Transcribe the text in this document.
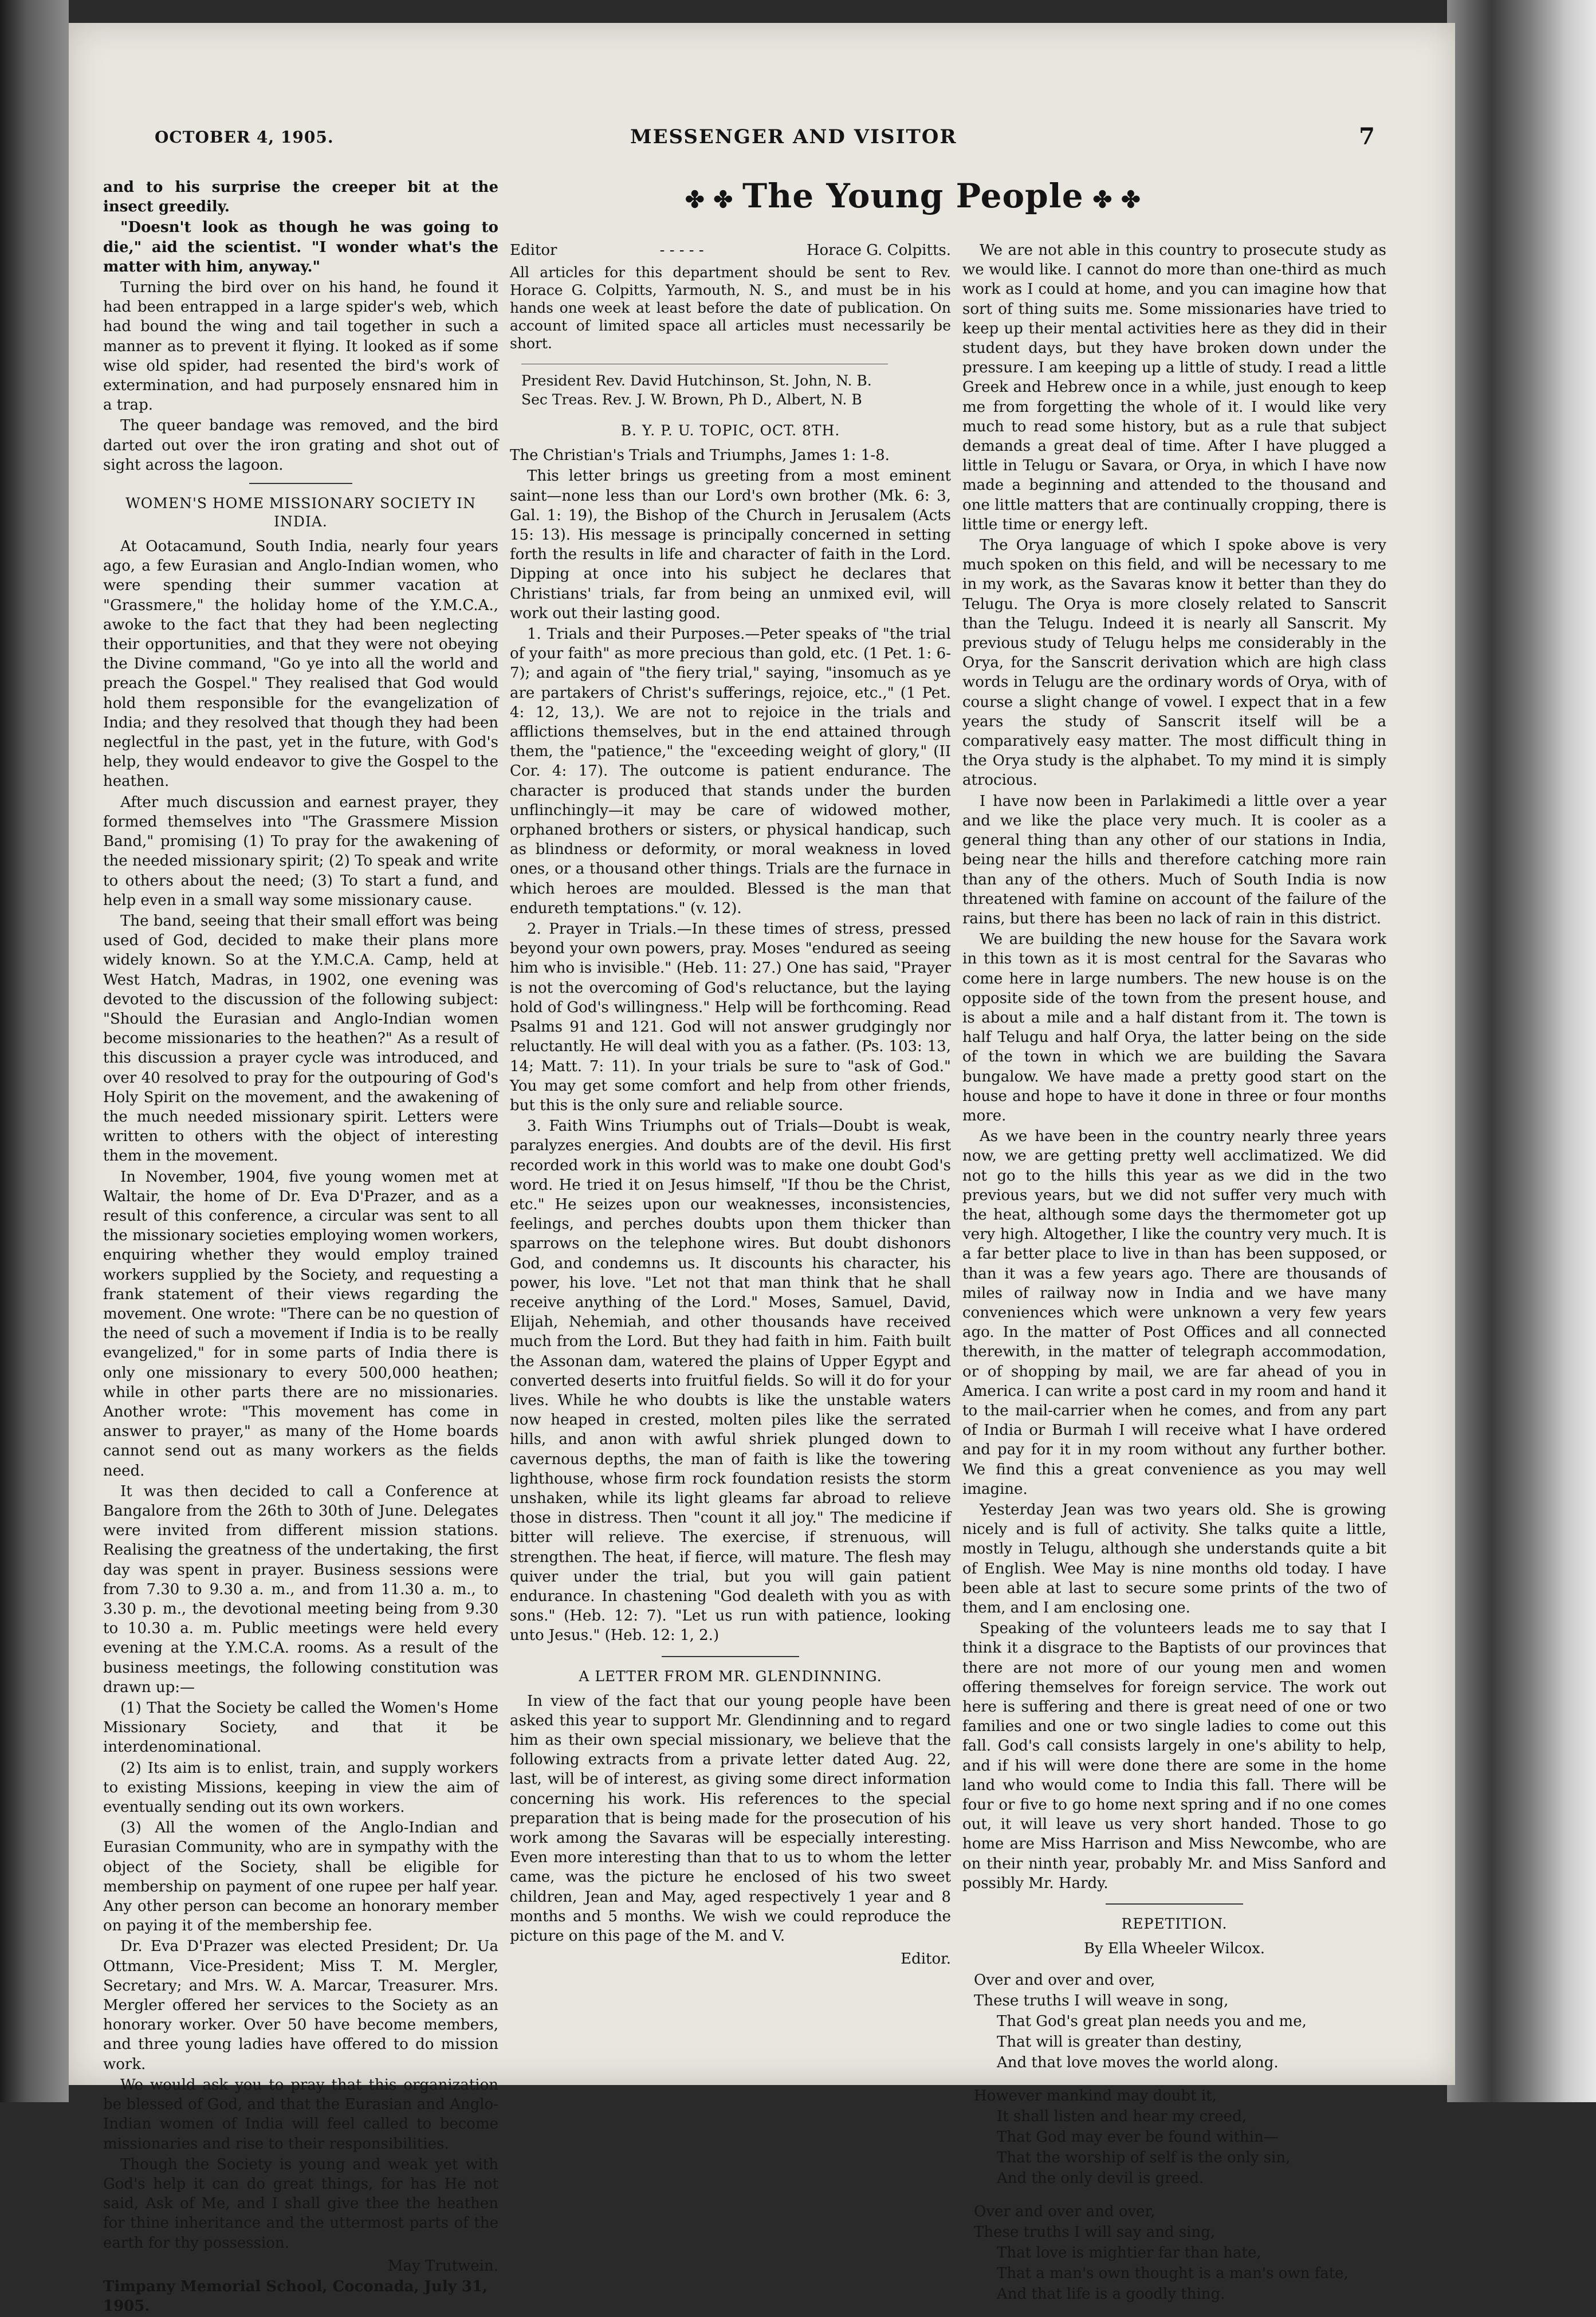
OCTOBER 4, 1905.	MESSENGER AND VISITOR	7
✤ ✤ The Young People ✤ ✤

and to his surprise the creeper bit at the insect greedily.

"Doesn't look as though he was going to die," aid the scientist. "I wonder what's the matter with him, anyway."

Turning the bird over on his hand, he found it had been entrapped in a large spider's web, which had bound the wing and tail together in such a manner as to prevent it flying. It looked as if some wise old spider, had resented the bird's work of extermination, and had purposely ensnared him in a trap.

The queer bandage was removed, and the bird darted out over the iron grating and shot out of sight across the lagoon.

WOMEN'S HOME MISSIONARY SOCIETY IN INDIA.

At Ootacamund, South India, nearly four years ago, a few Eurasian and Anglo-Indian women, who were spending their summer vacation at "Grassmere," the holiday home of the Y.M.C.A., awoke to the fact that they had been neglecting their opportunities, and that they were not obeying the Divine command, "Go ye into all the world and preach the Gospel." They realised that God would hold them responsible for the evangelization of India; and they resolved that though they had been neglectful in the past, yet in the future, with God's help, they would endeavor to give the Gospel to the heathen.

After much discussion and earnest prayer, they formed themselves into "The Grassmere Mission Band," promising (1) To pray for the awakening of the needed missionary spirit; (2) To speak and write to others about the need; (3) To start a fund, and help even in a small way some missionary cause.

The band, seeing that their small effort was being used of God, decided to make their plans more widely known. So at the Y.M.C.A. Camp, held at West Hatch, Madras, in 1902, one evening was devoted to the discussion of the following subject: "Should the Eurasian and Anglo-Indian women become missionaries to the heathen?" As a result of this discussion a prayer cycle was introduced, and over 40 resolved to pray for the outpouring of God's Holy Spirit on the movement, and the awakening of the much needed missionary spirit. Letters were written to others with the object of interesting them in the movement.

In November, 1904, five young women met at Waltair, the home of Dr. Eva D'Prazer, and as a result of this conference, a circular was sent to all the missionary societies employing women workers, enquiring whether they would employ trained workers supplied by the Society, and requesting a frank statement of their views regarding the movement. One wrote: "There can be no question of the need of such a movement if India is to be really evangelized," for in some parts of India there is only one missionary to every 500,000 heathen; while in other parts there are no missionaries. Another wrote: "This movement has come in answer to prayer," as many of the Home boards cannot send out as many workers as the fields need.

It was then decided to call a Conference at Bangalore from the 26th to 30th of June. Delegates were invited from different mission stations. Realising the greatness of the undertaking, the first day was spent in prayer. Business sessions were from 7.30 to 9.30 a. m., and from 11.30 a. m., to 3.30 p. m., the devotional meeting being from 9.30 to 10.30 a. m. Public meetings were held every evening at the Y.M.C.A. rooms. As a result of the business meetings, the following constitution was drawn up:—

(1) That the Society be called the Women's Home Missionary Society, and that it be interdenominational.

(2) Its aim is to enlist, train, and supply workers to existing Missions, keeping in view the aim of eventually sending out its own workers.

(3) All the women of the Anglo-Indian and Eurasian Community, who are in sympathy with the object of the Society, shall be eligible for membership on payment of one rupee per half year. Any other person can become an honorary member on paying it of the membership fee.

Dr. Eva D'Prazer was elected President; Dr. Ua Ottmann, Vice-President; Miss T. M. Mergler, Secretary; and Mrs. W. A. Marcar, Treasurer. Mrs. Mergler offered her services to the Society as an honorary worker. Over 50 have become members, and three young ladies have offered to do mission work.

We would ask you to pray that this organization be blessed of God, and that the Eurasian and Anglo-Indian women of India will feel called to become missionaries and rise to their responsibilities.

Though the Society is young and weak yet with God's help it can do great things, for has He not said, Ask of Me, and I shall give thee the heathen for thine inheritance and the uttermost parts of the earth for thy possession.

May Trutwein.
Timpany Memorial School, Coconada, July 31, 1905.
Editor	- - - - -	Horace G. Colpitts.
All articles for this department should be sent to Rev. Horace G. Colpitts, Yarmouth, N. S., and must be in his hands one week at least before the date of publication. On account of limited space all articles must necessarily be short.
President Rev. David Hutchinson, St. John, N. B.
Sec Treas. Rev. J. W. Brown, Ph D., Albert, N. B
B. Y. P. U. TOPIC, OCT. 8TH.

The Christian's Trials and Triumphs, James 1: 1-8.

This letter brings us greeting from a most eminent saint—none less than our Lord's own brother (Mk. 6: 3, Gal. 1: 19), the Bishop of the Church in Jerusalem (Acts 15: 13). His message is principally concerned in setting forth the results in life and character of faith in the Lord. Dipping at once into his subject he declares that Christians' trials, far from being an unmixed evil, will work out their lasting good.

1. Trials and their Purposes.—Peter speaks of "the trial of your faith" as more precious than gold, etc. (1 Pet. 1: 6-7); and again of "the fiery trial," saying, "insomuch as ye are partakers of Christ's sufferings, rejoice, etc.," (1 Pet. 4: 12, 13,). We are not to rejoice in the trials and afflictions themselves, but in the end attained through them, the "patience," the "exceeding weight of glory," (II Cor. 4: 17). The outcome is patient endurance. The character is produced that stands under the burden unflinchingly—it may be care of widowed mother, orphaned brothers or sisters, or physical handicap, such as blindness or deformity, or moral weakness in loved ones, or a thousand other things. Trials are the furnace in which heroes are moulded. Blessed is the man that endureth temptations." (v. 12).

2. Prayer in Trials.—In these times of stress, pressed beyond your own powers, pray. Moses "endured as seeing him who is invisible." (Heb. 11: 27.) One has said, "Prayer is not the overcoming of God's reluctance, but the laying hold of God's willingness." Help will be forthcoming. Read Psalms 91 and 121. God will not answer grudgingly nor reluctantly. He will deal with you as a father. (Ps. 103: 13, 14; Matt. 7: 11). In your trials be sure to "ask of God." You may get some comfort and help from other friends, but this is the only sure and reliable source.

3. Faith Wins Triumphs out of Trials—Doubt is weak, paralyzes energies. And doubts are of the devil. His first recorded work in this world was to make one doubt God's word. He tried it on Jesus himself, "If thou be the Christ, etc." He seizes upon our weaknesses, inconsistencies, feelings, and perches doubts upon them thicker than sparrows on the telephone wires. But doubt dishonors God, and condemns us. It discounts his character, his power, his love. "Let not that man think that he shall receive anything of the Lord." Moses, Samuel, David, Elijah, Nehemiah, and other thousands have received much from the Lord. But they had faith in him. Faith built the Assonan dam, watered the plains of Upper Egypt and converted deserts into fruitful fields. So will it do for your lives. While he who doubts is like the unstable waters now heaped in crested, molten piles like the serrated hills, and anon with awful shriek plunged down to cavernous depths, the man of faith is like the towering lighthouse, whose firm rock foundation resists the storm unshaken, while its light gleams far abroad to relieve those in distress. Then "count it all joy." The medicine if bitter will relieve. The exercise, if strenuous, will strengthen. The heat, if fierce, will mature. The flesh may quiver under the trial, but you will gain patient endurance. In chastening "God dealeth with you as with sons." (Heb. 12: 7). "Let us run with patience, looking unto Jesus." (Heb. 12: 1, 2.)

A LETTER FROM MR. GLENDINNING.

In view of the fact that our young people have been asked this year to support Mr. Glendinning and to regard him as their own special missionary, we believe that the following extracts from a private letter dated Aug. 22, last, will be of interest, as giving some direct information concerning his work. His references to the special preparation that is being made for the prosecution of his work among the Savaras will be especially interesting. Even more interesting than that to us to whom the letter came, was the picture he enclosed of his two sweet children, Jean and May, aged respectively 1 year and 8 months and 5 months. We wish we could reproduce the picture on this page of the M. and V.

Editor.

We are not able in this country to prosecute study as we would like. I cannot do more than one-third as much work as I could at home, and you can imagine how that sort of thing suits me. Some missionaries have tried to keep up their mental activities here as they did in their student days, but they have broken down under the pressure. I am keeping up a little of study. I read a little Greek and Hebrew once in a while, just enough to keep me from forgetting the whole of it. I would like very much to read some history, but as a rule that subject demands a great deal of time. After I have plugged a little in Telugu or Savara, or Orya, in which I have now made a beginning and attended to the thousand and one little matters that are continually cropping, there is little time or energy left.

The Orya language of which I spoke above is very much spoken on this field, and will be necessary to me in my work, as the Savaras know it better than they do Telugu. The Orya is more closely related to Sanscrit than the Telugu. Indeed it is nearly all Sanscrit. My previous study of Telugu helps me considerably in the Orya, for the Sanscrit derivation which are high class words in Telugu are the ordinary words of Orya, with of course a slight change of vowel. I expect that in a few years the study of Sanscrit itself will be a comparatively easy matter. The most difficult thing in the Orya study is the alphabet. To my mind it is simply atrocious.

I have now been in Parlakimedi a little over a year and we like the place very much. It is cooler as a general thing than any other of our stations in India, being near the hills and therefore catching more rain than any of the others. Much of South India is now threatened with famine on account of the failure of the rains, but there has been no lack of rain in this district.

We are building the new house for the Savara work in this town as it is most central for the Savaras who come here in large numbers. The new house is on the opposite side of the town from the present house, and is about a mile and a half distant from it. The town is half Telugu and half Orya, the latter being on the side of the town in which we are building the Savara bungalow. We have made a pretty good start on the house and hope to have it done in three or four months more.

As we have been in the country nearly three years now, we are getting pretty well acclimatized. We did not go to the hills this year as we did in the two previous years, but we did not suffer very much with the heat, although some days the thermometer got up very high. Altogether, I like the country very much. It is a far better place to live in than has been supposed, or than it was a few years ago. There are thousands of miles of railway now in India and we have many conveniences which were unknown a very few years ago. In the matter of Post Offices and all connected therewith, in the matter of telegraph accommodation, or of shopping by mail, we are far ahead of you in America. I can write a post card in my room and hand it to the mail-carrier when he comes, and from any part of India or Burmah I will receive what I have ordered and pay for it in my room without any further bother. We find this a great convenience as you may well imagine.

Yesterday Jean was two years old. She is growing nicely and is full of activity. She talks quite a little, mostly in Telugu, although she understands quite a bit of English. Wee May is nine months old today. I have been able at last to secure some prints of the two of them, and I am enclosing one.

Speaking of the volunteers leads me to say that I think it a disgrace to the Baptists of our provinces that there are not more of our young men and women offering themselves for foreign service. The work out here is suffering and there is great need of one or two families and one or two single ladies to come out this fall. God's call consists largely in one's ability to help, and if his will were done there are some in the home land who would come to India this fall. There will be four or five to go home next spring and if no one comes out, it will leave us very short handed. Those to go home are Miss Harrison and Miss Newcombe, who are on their ninth year, probably Mr. and Miss Sanford and possibly Mr. Hardy.

REPETITION.
By Ella Wheeler Wilcox.
Over and over and over,
These truths I will weave in song,
That God's great plan needs you and me,
That will is greater than destiny,
And that love moves the world along.
However mankind may doubt it,
It shall listen and hear my creed,
That God may ever be found within—
That the worship of self is the only sin,
And the only devil is greed.
Over and over and over,
These truths I will say and sing,
That love is mightier far than hate,
That a man's own thought is a man's own fate,
And that life is a goodly thing.
